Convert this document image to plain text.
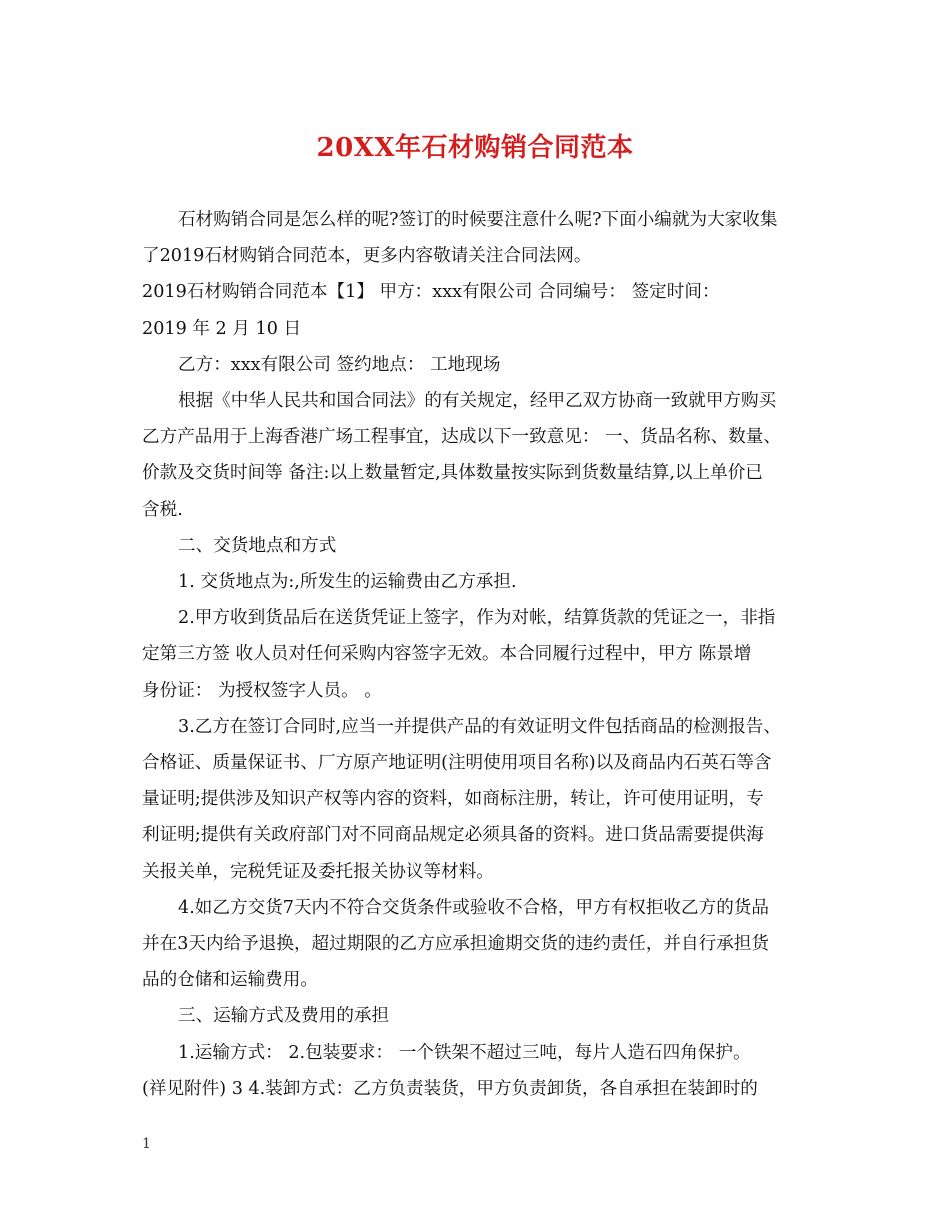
20XX年石材购销合同范本

石材购销合同是怎么样的呢?签订的时候要注意什么呢?下面小编就为大家收集

了2019石材购销合同范本，更多内容敬请关注合同法网。

2019石材购销合同范本【1】 甲方：xxx有限公司 合同编号： 签定时间：

2019 年 2 月 10 日

乙方：xxx有限公司 签约地点： 工地现场

根据《中华人民共和国合同法》的有关规定，经甲乙双方协商一致就甲方购买

乙方产品用于上海香港广场工程事宜，达成以下一致意见： 一、货品名称、数量、

价款及交货时间等 备注:以上数量暂定,具体数量按实际到货数量结算,以上单价已

含税.

二、交货地点和方式

1. 交货地点为:,所发生的运输费由乙方承担.

2.甲方收到货品后在送货凭证上签字，作为对帐，结算货款的凭证之一，非指

定第三方签 收人员对任何采购内容签字无效。本合同履行过程中，甲方 陈景增

身份证： 为授权签字人员。 。

3.乙方在签订合同时,应当一并提供产品的有效证明文件包括商品的检测报告、

合格证、质量保证书、厂方原产地证明(注明使用项目名称)以及商品内石英石等含

量证明;提供涉及知识产权等内容的资料，如商标注册，转让，许可使用证明，专

利证明;提供有关政府部门对不同商品规定必须具备的资料。进口货品需要提供海

关报关单，完税凭证及委托报关协议等材料。

4.如乙方交货7天内不符合交货条件或验收不合格，甲方有权拒收乙方的货品

并在3天内给予退换，超过期限的乙方应承担逾期交货的违约责任，并自行承担货

品的仓储和运输费用。

三、运输方式及费用的承担

1.运输方式： 2.包装要求： 一个铁架不超过三吨，每片人造石四角保护。

(祥见附件) 3 4.装卸方式：乙方负责装货，甲方负责卸货，各自承担在装卸时的

1
